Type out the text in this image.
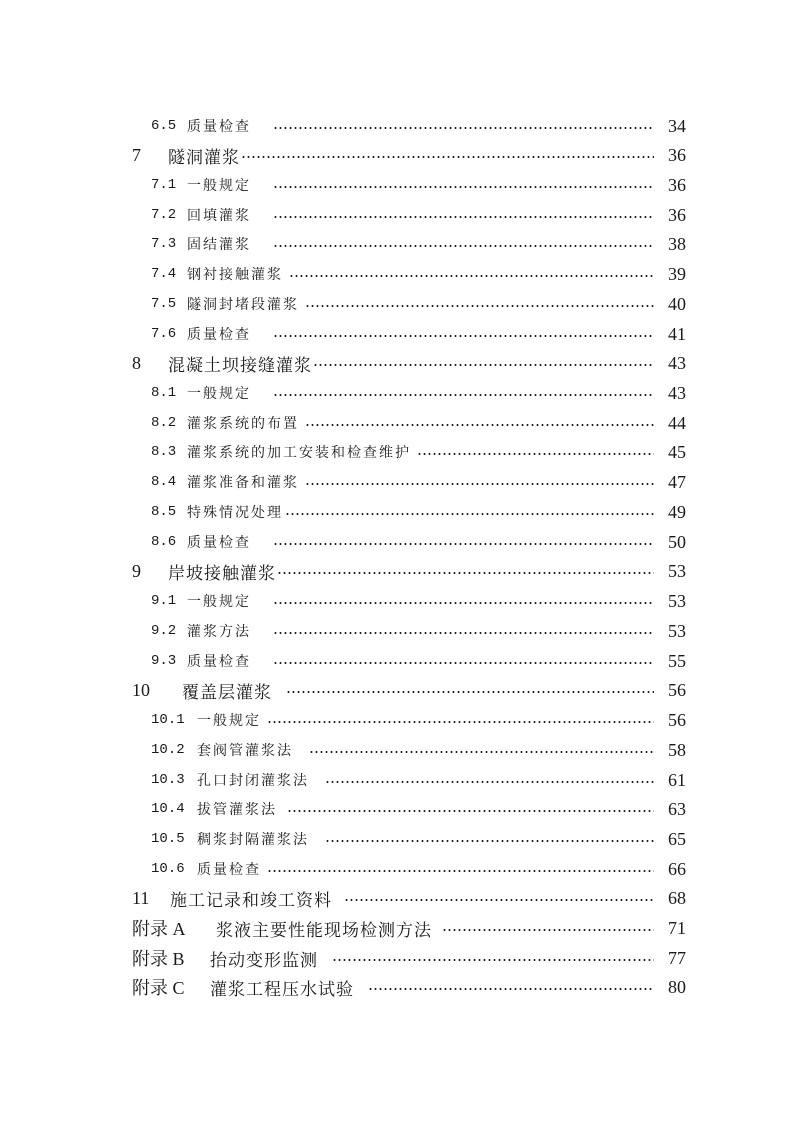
6.5 质量检查	34
7	隧洞灌浆	36
7.1 一般规定	36
7.2 回填灌浆	36
7.3 固结灌浆	38
7.4 钢衬接触灌浆	39
7.5 隧洞封堵段灌浆	40
7.6 质量检查	41
8	混凝土坝接缝灌浆	43
8.1 一般规定	43
8.2 灌浆系统的布置	44
8.3 灌浆系统的加工安装和检查维护	45
8.4 灌浆准备和灌浆	47
8.5 特殊情况处理	49
8.6 质量检查	50
9	岸坡接触灌浆	53
9.1 一般规定	53
9.2 灌浆方法	53
9.3 质量检查	55
10	覆盖层灌浆	56
10.1 一般规定	56
10.2 套阀管灌浆法	58
10.3 孔口封闭灌浆法	61
10.4 拔管灌浆法	63
10.5 稠浆封隔灌浆法	65
10.6 质量检查	66
11	施工记录和竣工资料	68
附录 A	浆液主要性能现场检测方法	71
附录 B	抬动变形监测	77
附录 C	灌浆工程压水试验	80
